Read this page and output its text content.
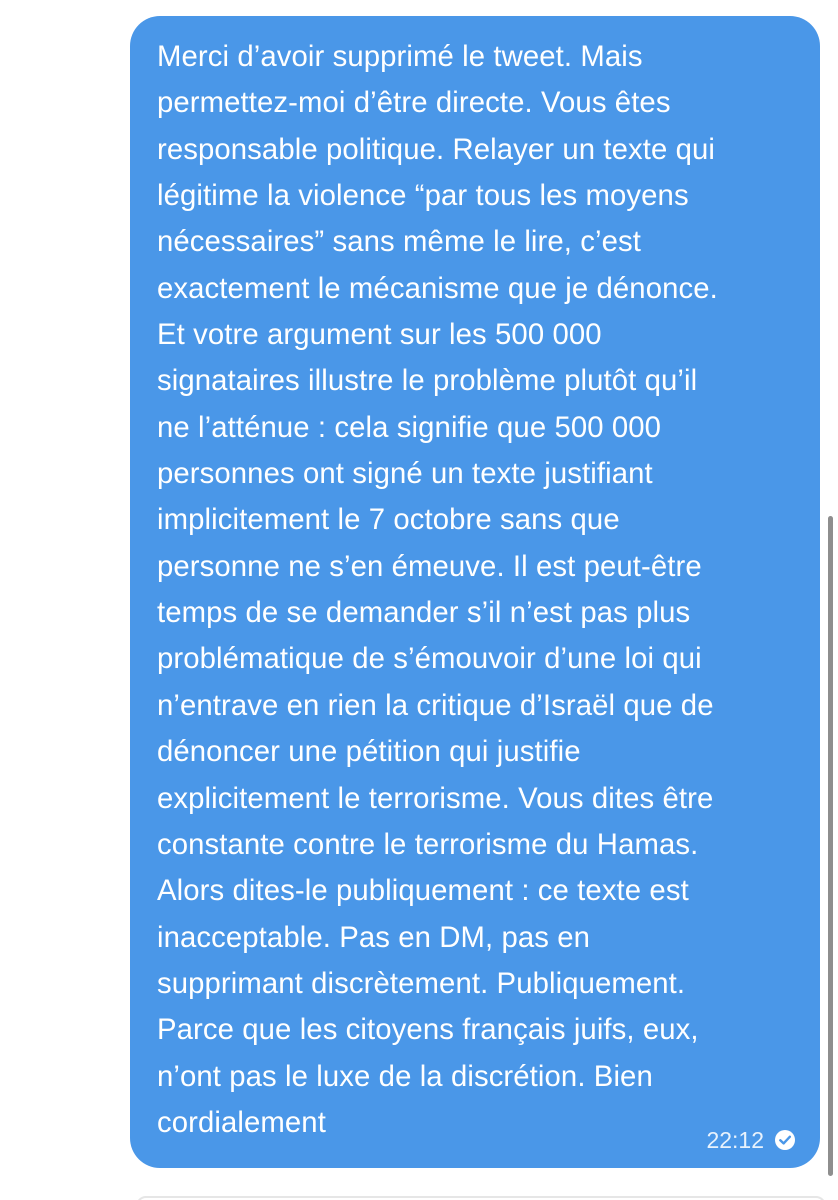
Merci d’avoir supprimé le tweet. Mais
permettez-moi d’être directe. Vous êtes
responsable politique. Relayer un texte qui
légitime la violence “par tous les moyens
nécessaires” sans même le lire, c’est
exactement le mécanisme que je dénonce.
Et votre argument sur les 500 000
signataires illustre le problème plutôt qu’il
ne l’atténue : cela signifie que 500 000
personnes ont signé un texte justifiant
implicitement le 7 octobre sans que
personne ne s’en émeuve. Il est peut-être
temps de se demander s’il n’est pas plus
problématique de s’émouvoir d’une loi qui
n’entrave en rien la critique d’Israël que de
dénoncer une pétition qui justifie
explicitement le terrorisme. Vous dites être
constante contre le terrorisme du Hamas.
Alors dites-le publiquement : ce texte est
inacceptable. Pas en DM, pas en
supprimant discrètement. Publiquement.
Parce que les citoyens français juifs, eux,
n’ont pas le luxe de la discrétion. Bien
cordialement

22:12
